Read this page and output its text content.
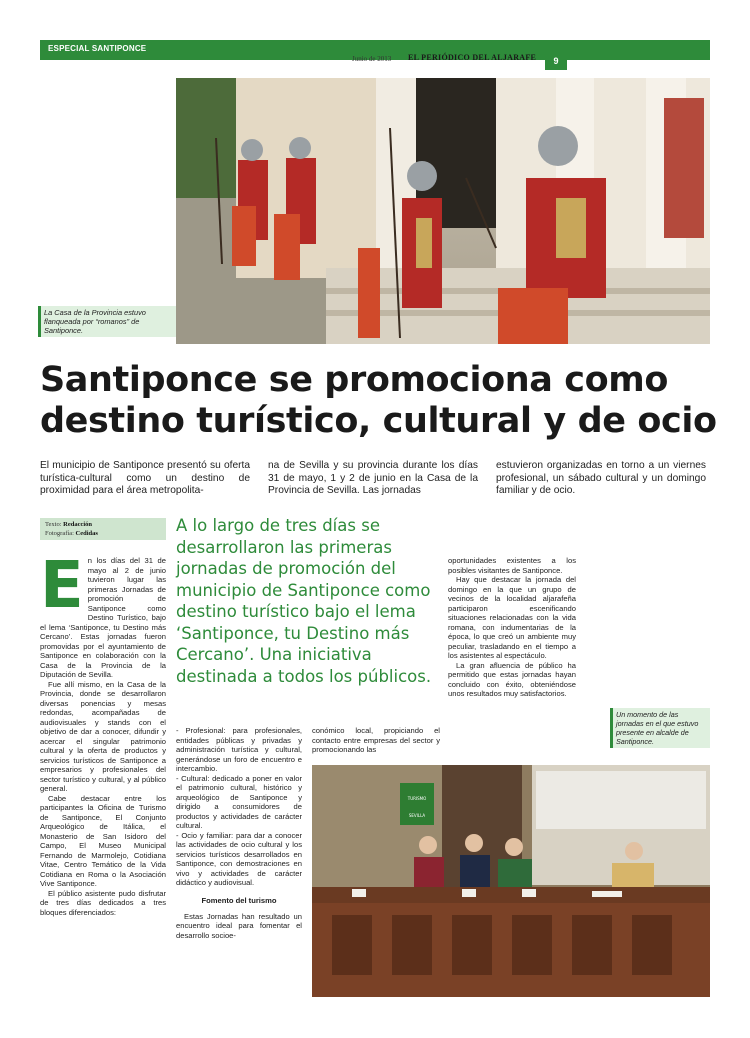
ESPECIAL SANTIPONCE
Junio de 2013 EL PERIÓDICO DEL ALJARAFE	9
La Casa de la Provincia estuvo flanqueada por “romanos” de Santiponce.
Santiponce se promociona como destino turístico, cultural y de ocio

El municipio de Santiponce presentó su oferta turística-cultural como un destino de proximidad para el área metropolita-

na de Sevilla y su provincia durante los días 31 de mayo, 1 y 2 de junio en la Casa de la Provincia de Sevilla. Las jornadas

estuvieron organizadas en torno a un viernes profesional, un sábado cultural y un domingo familiar y de ocio.

Texto: Redacción
Fotografía: Cedidas	A lo largo de tres días se desarrollaron las primeras jornadas de promoción del municipio de Santiponce como destino turístico bajo el lema ‘Santiponce, tu Destino más Cercano’. Una iniciativa destinada a todos los públicos.
E n los días del 31 de mayo al 2 de junio tuvieron lugar las primeras Jornadas de promoción de Santiponce como Destino Turístico, bajo el lema ‘Santiponce, tu Destino más Cercano’. Estas jornadas fueron promovidas por el ayuntamiento de Santiponce en colaboración con la Casa de la Provincia de la Diputación de Sevilla.

Fue allí mismo, en la Casa de la Provincia, donde se desarrollaron diversas ponencias y mesas redondas, acompañadas de audiovisuales y stands con el objetivo de dar a conocer, difundir y acercar el singular patrimonio cultural y la oferta de productos y servicios turísticos de Santiponce a empresarios y profesionales del sector turístico y cultural, y al público general.

Cabe destacar entre los participantes la Oficina de Turismo de Santiponce, El Conjunto Arqueológico de Itálica, el Monasterio de San Isidoro del Campo, El Museo Municipal Fernando de Marmolejo, Cotidiana Vitae, Centro Temático de la Vida Cotidiana en Roma o la Asociación Vive Santiponce.

El público asistente pudo disfrutar de tres días dedicados a tres bloques diferenciados:

- Profesional: para profesionales, entidades públicas y privadas y administración turística y cultural, generándose un foro de encuentro e intercambio.

- Cultural: dedicado a poner en valor el patrimonio cultural, histórico y arqueológico de Santiponce y dirigido a consumidores de productos y actividades de carácter cultural.

- Ocio y familiar: para dar a conocer las actividades de ocio cultural y los servicios turísticos desarrollados en Santiponce, con demostraciones en vivo y actividades de carácter didáctico y audiovisual.

Fomento del turismo

Estas Jornadas han resultado un encuentro ideal para fomentar el desarrollo socioe-

conómico local, propiciando el contacto entre empresas del sector y promocionando las

oportunidades existentes a los posibles visitantes de Santiponce.

Hay que destacar la jornada del domingo en la que un grupo de vecinos de la localidad aljarafeña participaron escenificando situaciones relacionadas con la vida romana, con indumentarias de la época, lo que creó un ambiente muy peculiar, trasladando en el tiempo a los asistentes al espectáculo.

La gran afluencia de público ha permitido que estas jornadas hayan concluido con éxito, obteniéndose unos resultados muy satisfactorios.

Un momento de las jornadas en el que estuvo presente en alcalde de Santiponce.
TURISMO
SEVILLA
